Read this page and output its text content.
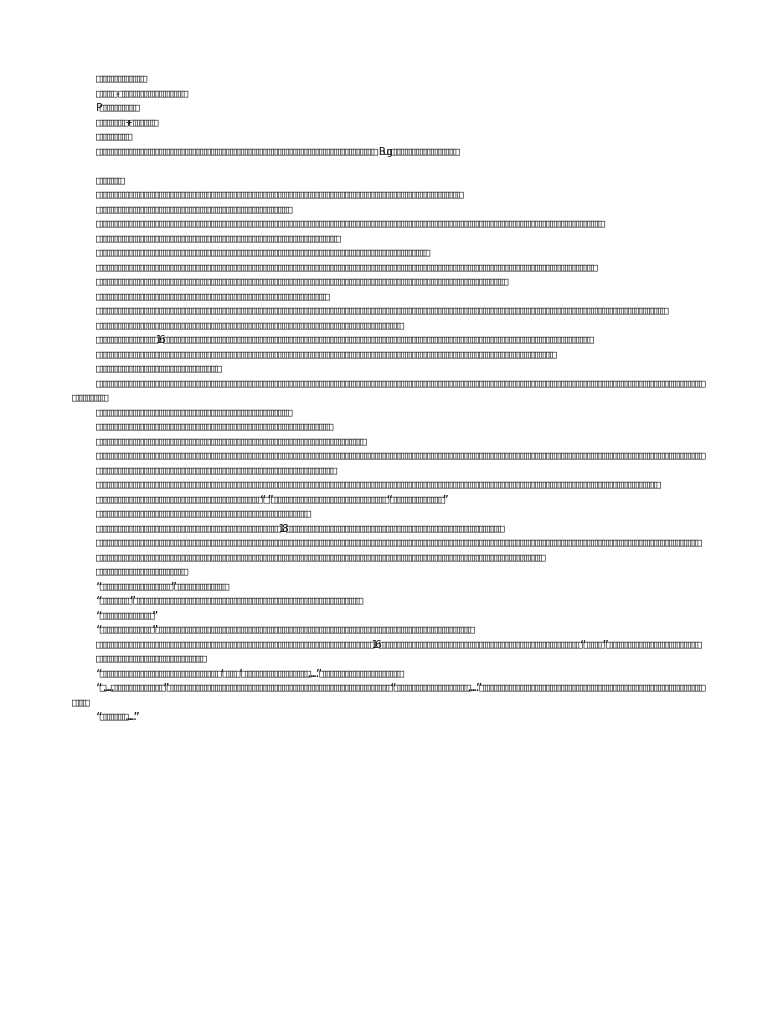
□□□□□□□□□□□□□

□□□□□-□□□□□□□□□□□□□□□□□□

P□□□□□□□□□□

□□□□□□□□+□□□□□□□

□□□□□□□□□

□□□□□□□□□□□□□□□□□□□□□□□□□□□□□□□□□□□□□□□□□□□□□□□□□□□□□□□□□□□□□□□□□□□□□□□□□□□ Bug□□□□□□□□□□□□□□□□□□

□□□□□□□

□□□□□□□□□□□□□□□□□□□□□□□□□□□□□□□□□□□□□□□□□□□□□□□□□□□□□□□□□□□□□□□□□□□□□□□□□□□□□□□□□□□□□□□□□□□□□□□□□□

□□□□□□□□□□□□□□□□□□□□□□□□□□□□□□□□□□□□□□□□□□□□□□□□□□□□

□□□□□□□□□□□□□□□□□□□□□□□□□□□□□□□□□□□□□□□□□□□□□□□□□□□□□□□□□□□□□□□□□□□□□□□□□□□□□□□□□□□□□□□□□□□□□□□□□□□□□□□□□□□□□□□□□□□□□□□□□□□□□□□□□□□□□□□□

□□□□□□□□□□□□□□□□□□□□□□□□□□□□□□□□□□□□□□□□□□□□□□□□□□□□□□□□□□□□□□□□□

□□□□□□□□□□□□□□□□□□□□□□□□□□□□□□□□□□□□□□□□□□□□□□□□□□□□□□□□□□□□□□□□□□□□□□□□□□□□□□□□□□□□□□□□□

□□□□□□□□□□□□□□□□□□□□□□□□□□□□□□□□□□□□□□□□□□□□□□□□□□□□□□□□□□□□□□□□□□□□□□□□□□□□□□□□□□□□□□□□□□□□□□□□□□□□□□□□□□□□□□□□□□□□□□□□□□□□□□□□□□□□□□

□□□□□□□□□□□□□□□□□□□□□□□□□□□□□□□□□□□□□□□□□□□□□□□□□□□□□□□□□□□□□□□□□□□□□□□□□□□□□□□□□□□□□□□□□□□□□□□□□□□□□□□□□□□□□□

□□□□□□□□□□□□□□□□□□□□□□□□□□□□□□□□□□□□□□□□□□□□□□□□□□□□□□□□□□□□□□

□□□□□□□□□□□□□□□□□□□□□□□□□□□□□□□□□□□□□□□□□□□□□□□□□□□□□□□□□□□□□□□□□□□□□□□□□□□□□□□□□□□□□□□□□□□□□□□□□□□□□□□□□□□□□□□□□□□□□□□□□□□□□□□□□□□□□□□□□□□□□□□□□□□□□□□□□

□□□□□□□□□□□□□□□□□□□□□□□□□□□□□□□□□□□□□□□□□□□□□□□□□□□□□□□□□□□□□□□□□□□□□□□□□□□□□□□□□□

□□□□□□□□□□□□□□□□16□□□□□□□□□□□□□□□□□□□□□□□□□□□□□□□□□□□□□□□□□□□□□□□□□□□□□□□□□□□□□□□□□□□□□□□□□□□□□□□□□□□□□□□□□□□□□□□□□□□□□□□□□□□□□□□□□□□

□□□□□□□□□□□□□□□□□□□□□□□□□□□□□□□□□□□□□□□□□□□□□□□□□□□□□□□□□□□□□□□□□□□□□□□□□□□□□□□□□□□□□□□□□□□□□□□□□□□□□□□□□□□□□□□□□□□□□□□□□□□

□□□□□□□□□□□□□□□□□□□□□□□□□□□□□□□□□

□□□□□□□□□□□□□□□□□□□□□□□□□□□□□□□□□□□□□□□□□□□□□□□□□□□□□□□□□□□□□□□□□□□□□□□□□□□□□□□□□□□□□□□□□□□□□□□□□□□□□□□□□□□□□□□□□□□□□□□□□□□□□□□□□□□□□□□□□□□□□□□□□□□□□□□□□□□□□□□□□□□□□□□□□□□□

□□□□□□□□□□□□□□□□□□□□□□□□□□□□□□□□□□□□□□□□□□□□□□□□□□□□

□□□□□□□□□□□□□□□□□□□□□□□□□□□□□□□□□□□□□□□□□□□□□□□□□□□□□□□□□□□□□□□

□□□□□□□□□□□□□□□□□□□□□□□□□□□□□□□□□□□□□□□□□□□□□□□□□□□□□□□□□□□□□□□□□□□□□□□□

□□□□□□□□□□□□□□□□□□□□□□□□□□□□□□□□□□□□□□□□□□□□□□□□□□□□□□□□□□□□□□□□□□□□□□□□□□□□□□□□□□□□□□□□□□□□□□□□□□□□□□□□□□□□□□□□□□□□□□□□□□□□□□□□□□□□□□□□□□□□□□□□□□□□□□□□□□□□□□□□□□□

□□□□□□□□□□□□□□□□□□□□□□□□□□□□□□□□□□□□□□□□□□□□□□□□□□□□□□□□□□□□□□□□

□□□□□□□□□□□□□□□□□□□□□□□□□□□□□□□□□□□□□□□□□□□□□□□□□□□□□□□□□□□□□□□□□□□□□□□□□□□□□□□□□□□□□□□□□□□□□□□□□□□□□□□□□□□□□□□□□□□□□□□□□□□□□□□□□□□□□□□□□□□□□□□□□□□□□□□

□□□□□□□□□□□□□□□□□□□□□□□□□□□□□□□□□□□□□□□□□□□□“□”□□□□□□□□□□□□□□□□□□□□□□□□□□□□□□□“□□□□□□□□□□□□□□”

□□□□□□□□□□□□□□□□□□□□□□□□□□□□□□□□□□□□□□□□□□□□□□□□□□□□□□□□□

□□□□□□□□□□□□□□□□□□□□□□□□□□□□□□□□□□□□□□□□□□□□□□□□□18□□□□□□□□□□□□□□□□□□□□□□□□□□□□□□□□□□□□□□□□□□□□□□□□□□□□□□□□□□

□□□□□□□□□□□□□□□□□□□□□□□□□□□□□□□□□□□□□□□□□□□□□□□□□□□□□□□□□□□□□□□□□□□□□□□□□□□□□□□□□□□□□□□□□□□□□□□□□□□□□□□□□□□□□□□□□□□□□□□□□□□□□□□□□□□□□□□□□□□□□□□□□□□□□□□□□□□□□□□□□□

□□□□□□□□□□□□□□□□□□□□□□□□□□□□□□□□□□□□□□□□□□□□□□□□□□□□□□□□□□□□□□□□□□□□□□□□□□□□□□□□□□□□□□□□□□□□□□□□□□□□□□□□□□□□□□□□□□□□□□□□

□□□□□□□□□□□□□□□□□□□□□□□□

“□□□□□□□□□□□□□□□□□□□”□□□□□□□□□□□□□□

“□□□□□□□□”□□□□□□□□□□□□□□□□□□□□□□□□□□□□□□□□□□□□□□□□□□□□□□□□□□□□□□□□□□□□□

“□□□□□□□□□□□□□□”

“□□□□□□□□□□□□□□”□□□□□□□□□□□□□□□□□□□□□□□□□□□□□□□□□□□□□□□□□□□□□□□□□□□□□□□□□□□□□□□□□□□□□□□□□□□□□□□□□□□□□

□□□□□□□□□□□□□□□□□□□□□□□□□□□□□□□□□□□□□□□□□□□□□□□□□□□□□□□□□□□□□□□□□□□□□□□□□□16□□□□□□□□□□□□□□□□□□□□□□□□□□□□□□□□□□□□□□□□□□□□□□□□□□□□□□“□□□□□”□□□□□□□□□□□□□□□□□□□□□□□□□

□□□□□□□□□□□□□□□□□□□□□□□□□□□□□

“□□□□□□□□□□□□□□□□□□□□□□□□□□□□□□□□‘□□□□’□□□□□□□□□□□□□□□□□□……”□□□□□□□□□□□□□□□□□□□□□□

“□……□□□□□□□□□□□□□□”□□□□□□□□□□□□□□□□□□□□□□□□□□□□□□□□□□□□□□□□□□□□□□□□□□□□□□□□□□□□“□□□□□□□□□□□□□□□□□□□□……”□□□□□□□□□□□□□□□□□□□□□□□□□□□□□□□□□□□□□□□□□□□□□□□□□□□□□□□□□□□□□□□□

“□□□□□□□……”
